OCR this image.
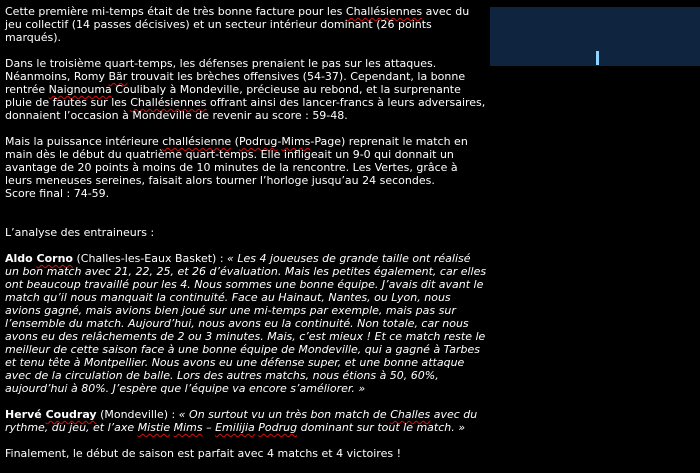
Cette première mi-temps était de très bonne facture pour les Challésiennes avec du jeu collectif (14 passes décisives) et un secteur intérieur dominant (26 points marqués).

Dans le troisième quart-temps, les défenses prenaient le pas sur les attaques. Néanmoins, Romy Bär trouvait les brèches offensives (54-37). Cependant, la bonne rentrée Naignouma Coulibaly à Mondeville, précieuse au rebond, et la surprenante pluie de fautes sur les Challésiennes offrant ainsi des lancer-francs à leurs adversaires, donnaient l’occasion à Mondeville de revenir au score : 59-48.

Mais la puissance intérieure challésienne (Podrug-Mims-Page) reprenait le match en main dès le début du quatrième quart-temps. Elle infligeait un 9-0 qui donnait un avantage de 20 points à moins de 10 minutes de la rencontre. Les Vertes, grâce à leurs meneuses sereines, faisait alors tourner l’horloge jusqu’au 24 secondes.

Score final : 74-59.

L’analyse des entraineurs :

Aldo Corno (Challes-les-Eaux Basket) : « Les 4 joueuses de grande taille ont réalisé un bon match avec 21, 22, 25, et 26 d’évaluation. Mais les petites également, car elles ont beaucoup travaillé pour les 4. Nous sommes une bonne équipe. J’avais dit avant le match qu’il nous manquait la continuité. Face au Hainaut, Nantes, ou Lyon, nous avions gagné, mais avions bien joué sur une mi-temps par exemple, mais pas sur l’ensemble du match. Aujourd’hui, nous avons eu la continuité. Non totale, car nous avons eu des relâchements de 2 ou 3 minutes. Mais, c’est mieux ! Et ce match reste le meilleur de cette saison face à une bonne équipe de Mondeville, qui a gagné à Tarbes et tenu tête à Montpellier. Nous avons eu une défense super, et une bonne attaque avec de la circulation de balle. Lors des autres matchs, nous étions à 50, 60%, aujourd’hui à 80%. J’espère que l’équipe va encore s’améliorer. »

Hervé Coudray (Mondeville) : « On surtout vu un très bon match de Challes avec du rythme, du jeu, et l’axe Mistie Mims – Emilijia Podrug dominant sur tout le match. »

Finalement, le début de saison est parfait avec 4 matchs et 4 victoires !
